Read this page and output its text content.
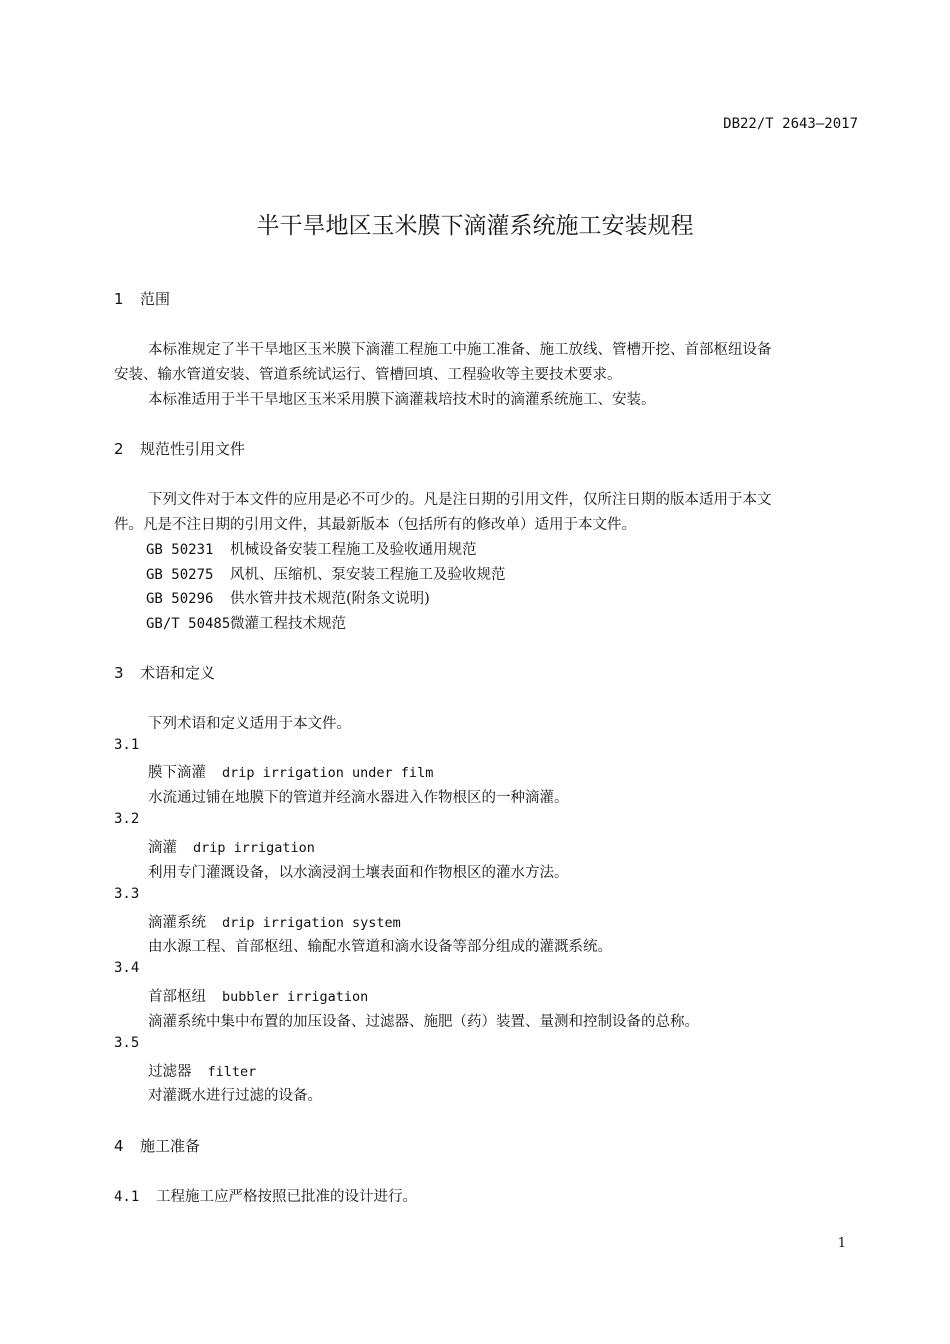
DB22/T 2643—2017
半干旱地区玉米膜下滴灌系统施工安装规程
1 范围
本标准规定了半干旱地区玉米膜下滴灌工程施工中施工准备、施工放线、管槽开挖、首部枢纽设备
安装、输水管道安装、管道系统试运行、管槽回填、工程验收等主要技术要求。
本标准适用于半干旱地区玉米采用膜下滴灌栽培技术时的滴灌系统施工、安装。
2 规范性引用文件
下列文件对于本文件的应用是必不可少的。凡是注日期的引用文件，仅所注日期的版本适用于本文
件。凡是不注日期的引用文件，其最新版本（包括所有的修改单）适用于本文件。
GB 50231 机械设备安装工程施工及验收通用规范
GB 50275 风机、压缩机、泵安装工程施工及验收规范
GB 50296 供水管井技术规范(附条文说明)
GB/T 50485微灌工程技术规范
3 术语和定义
下列术语和定义适用于本文件。
3.1
膜下滴灌 drip irrigation under film
水流通过铺在地膜下的管道并经滴水器进入作物根区的一种滴灌。
3.2
滴灌 drip irrigation
利用专门灌溉设备，以水滴浸润土壤表面和作物根区的灌水方法。
3.3
滴灌系统 drip irrigation system
由水源工程、首部枢纽、输配水管道和滴水设备等部分组成的灌溉系统。
3.4
首部枢纽 bubbler irrigation
滴灌系统中集中布置的加压设备、过滤器、施肥（药）装置、量测和控制设备的总称。
3.5
过滤器 filter
对灌溉水进行过滤的设备。
4 施工准备
4.1 工程施工应严格按照已批准的设计进行。
1
